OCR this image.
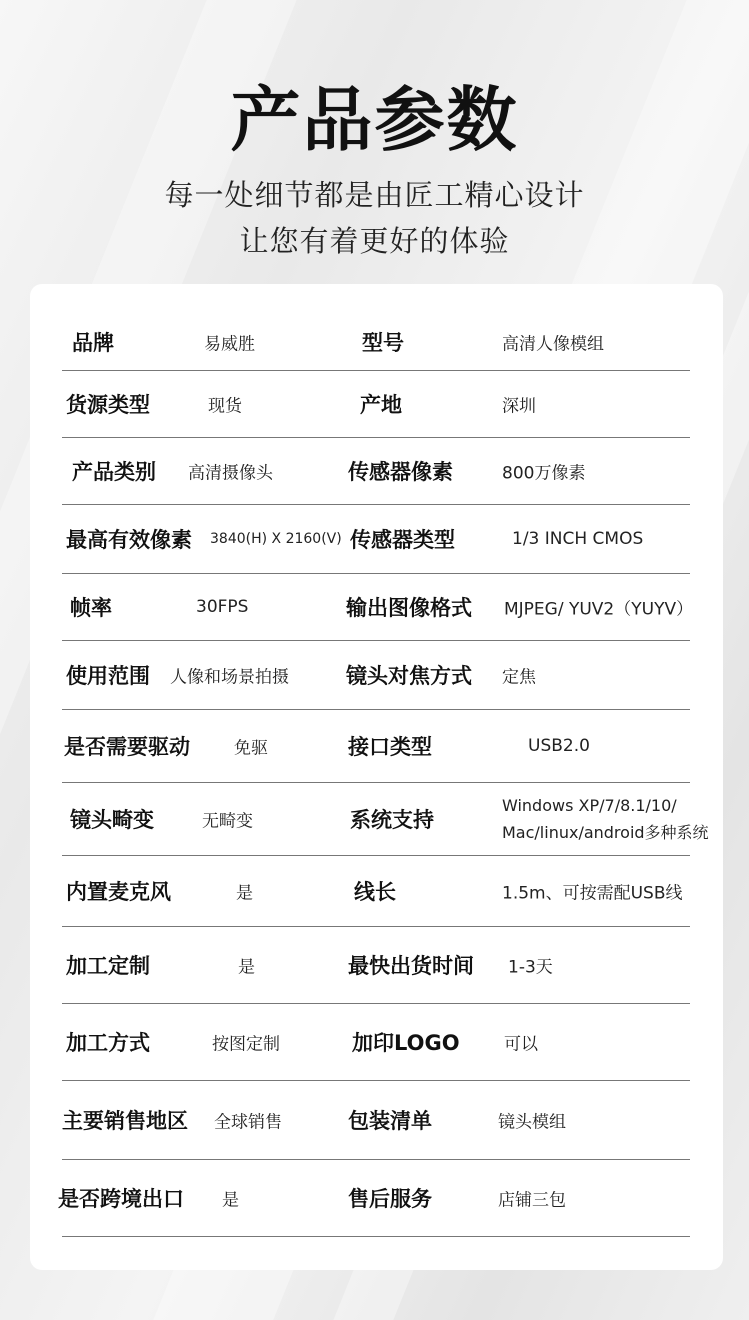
产品参数
每一处细节都是由匠工精心设计
让您有着更好的体验
品牌	易威胜	型号	高清人像模组
货源类型	现货	产地	深圳
产品类别 高清摄像头	传感器像素	800万像素
最高有效像素 3840(H) X 2160(V) 传感器类型	1/3 INCH CMOS
帧率	30FPS	输出图像格式 MJPEG/ YUV2（YUYV）
使用范围 人像和场景拍摄	镜头对焦方式 定焦
是否需要驱动	免驱	接口类型	USB2.0
镜头畸变	无畸变	系统支持
Windows XP/7/8.1/10/
Mac/linux/android多种系统
内置麦克风	是	线长	1.5m、可按需配USB线
加工定制	是	最快出货时间 1-3天
加工方式	按图定制	加印LOGO	可以
主要销售地区 全球销售	包装清单	镜头模组
是否跨境出口 是	售后服务	店铺三包
